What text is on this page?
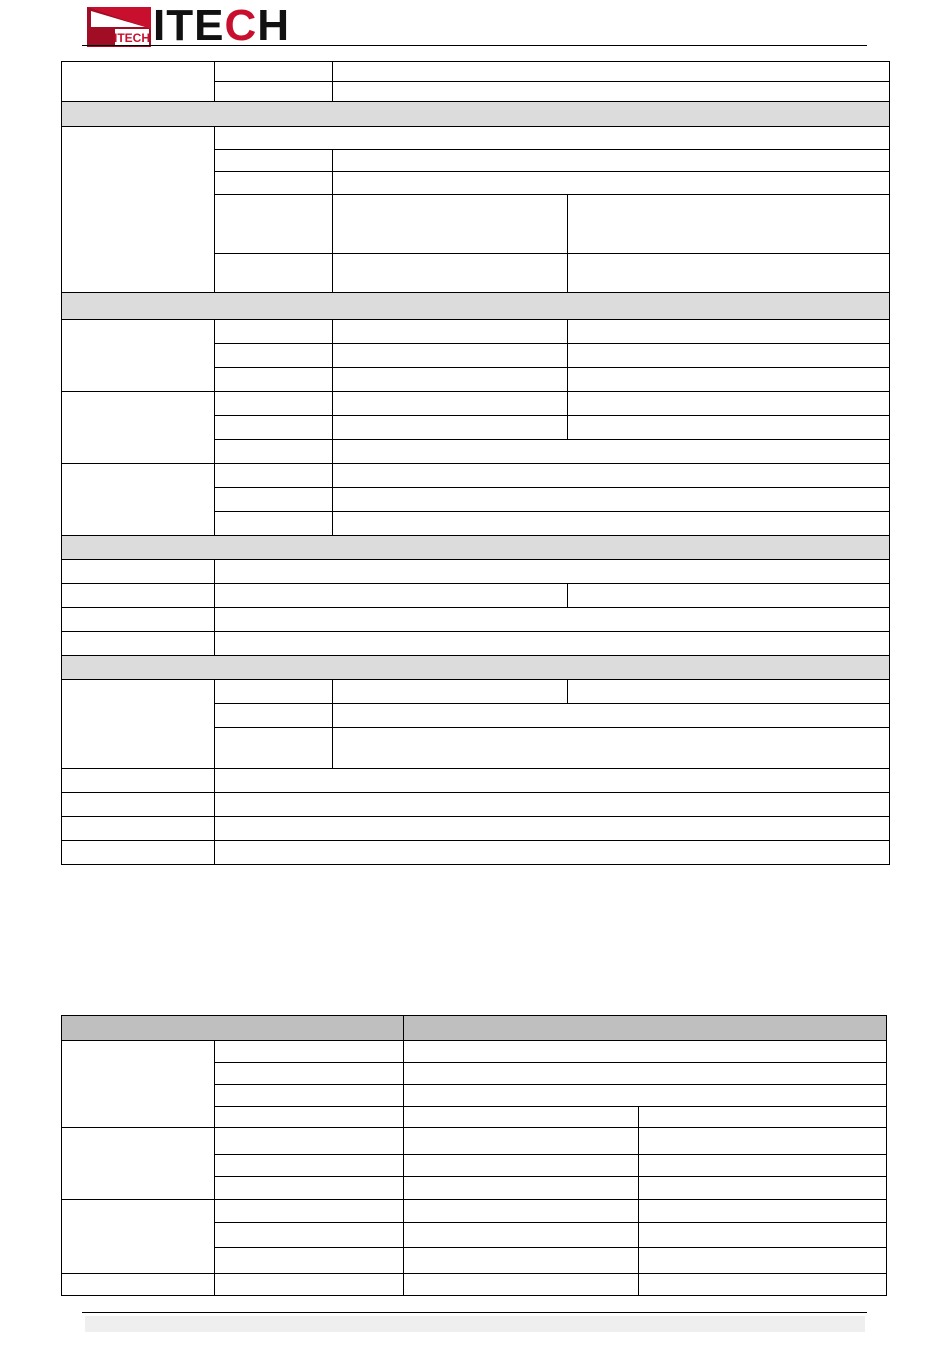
ITECH ITECH
